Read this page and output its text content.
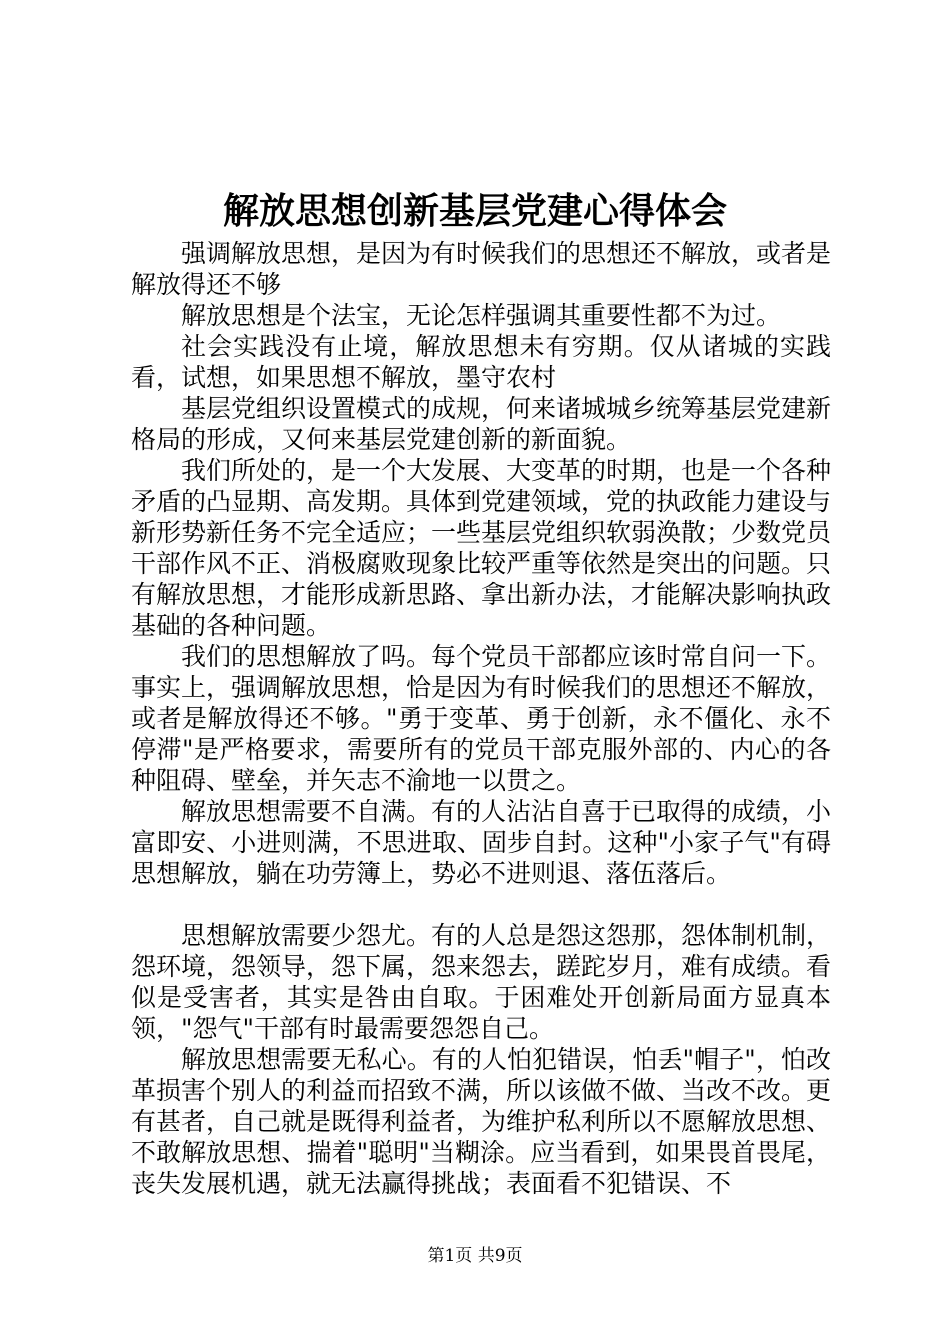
解放思想创新基层党建心得体会

强调解放思想，是因为有时候我们的思想还不解放，或者是解放得还不够

解放思想是个法宝，无论怎样强调其重要性都不为过。

社会实践没有止境，解放思想未有穷期。仅从诸城的实践看，试想，如果思想不解放，墨守农村

基层党组织设置模式的成规，何来诸城城乡统筹基层党建新格局的形成，又何来基层党建创新的新面貌。

我们所处的，是一个大发展、大变革的时期，也是一个各种矛盾的凸显期、高发期。具体到党建领域，党的执政能力建设与新形势新任务不完全适应；一些基层党组织软弱涣散；少数党员干部作风不正、消极腐败现象比较严重等依然是突出的问题。只有解放思想，才能形成新思路、拿出新办法，才能解决影响执政基础的各种问题。

我们的思想解放了吗。每个党员干部都应该时常自问一下。事实上，强调解放思想，恰是因为有时候我们的思想还不解放，或者是解放得还不够。"勇于变革、勇于创新，永不僵化、永不停滞"是严格要求，需要所有的党员干部克服外部的、内心的各种阻碍、壁垒，并矢志不渝地一以贯之。

解放思想需要不自满。有的人沾沾自喜于已取得的成绩，小富即安、小进则满，不思进取、固步自封。这种"小家子气"有碍思想解放，躺在功劳簿上，势必不进则退、落伍落后。

思想解放需要少怨尤。有的人总是怨这怨那，怨体制机制，怨环境，怨领导，怨下属，怨来怨去，蹉跎岁月，难有成绩。看似是受害者，其实是咎由自取。于困难处开创新局面方显真本领，"怨气"干部有时最需要怨怨自己。

解放思想需要无私心。有的人怕犯错误，怕丢"帽子"，怕改革损害个别人的利益而招致不满，所以该做不做、当改不改。更有甚者，自己就是既得利益者，为维护私利所以不愿解放思想、不敢解放思想、揣着"聪明"当糊涂。应当看到，如果畏首畏尾，丧失发展机遇，就无法赢得挑战；表面看不犯错误、不

第1页 共9页
